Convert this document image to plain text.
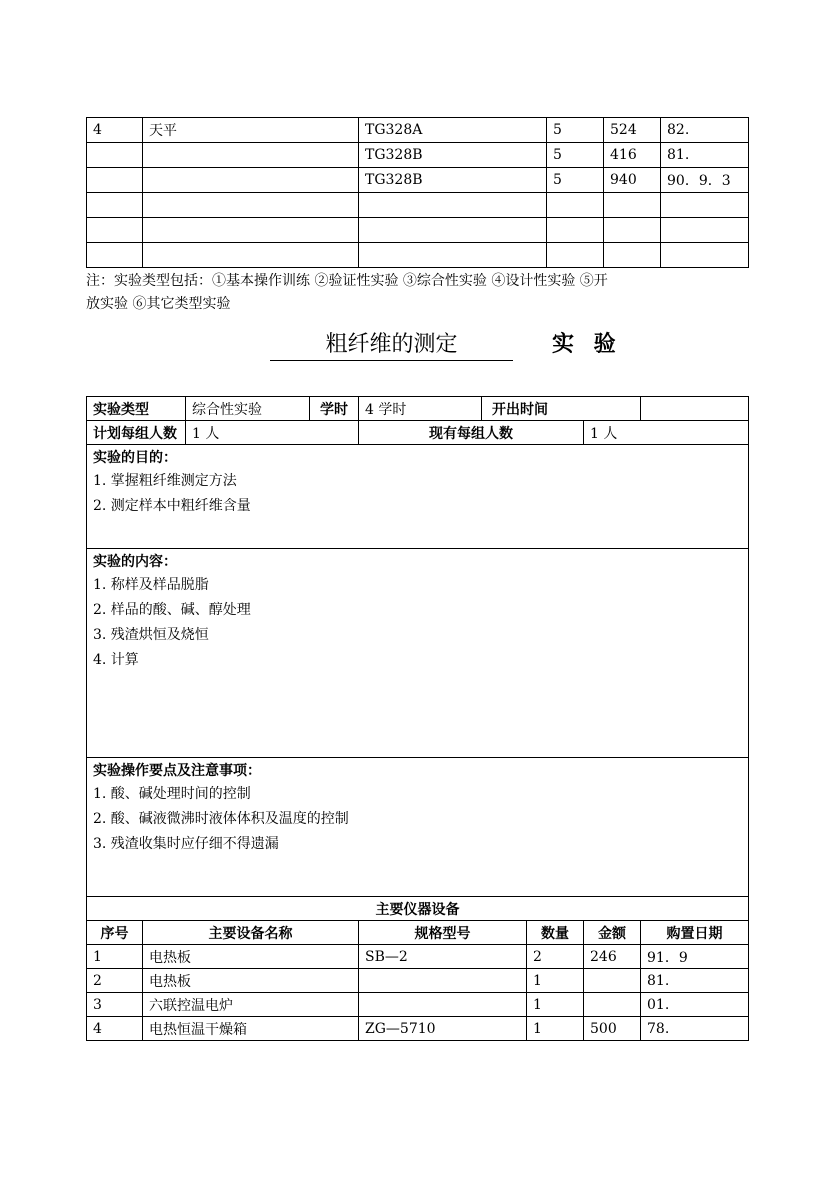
4	天平	TG328A	5	524	82.
		TG328B	5	416	81.
		TG328B	5	940	90．9．3

注：实验类型包括：①基本操作训练 ②验证性实验 ③综合性实验 ④设计性实验 ⑤开
放实验 ⑥其它类型实验
粗纤维的测定	实 验
实验类型		综合性实验	学时	4 学时	开出时间			
计划每组人数		1 人		现有每组人数			1 人	

实验的目的：
1. 掌握粗纤维测定方法
2. 测定样本中粗纤维含量								

实验的内容：
1. 称样及样品脱脂
2. 样品的酸、碱、醇处理
3. 残渣烘恒及烧恒
4. 计算								

实验操作要点及注意事项：
1. 酸、碱处理时间的控制
2. 酸、碱液微沸时液体体积及温度的控制
3. 残渣收集时应仔细不得遗漏								

主要仪器设备								
序号	主要设备名称			规格型号		数量	金额	购置日期
1	电热板			SB—2		2	246	91．9
2	电热板					1		81.
3	六联控温电炉					1		01.
4	电热恒温干燥箱			ZG—5710		1	500	78.
